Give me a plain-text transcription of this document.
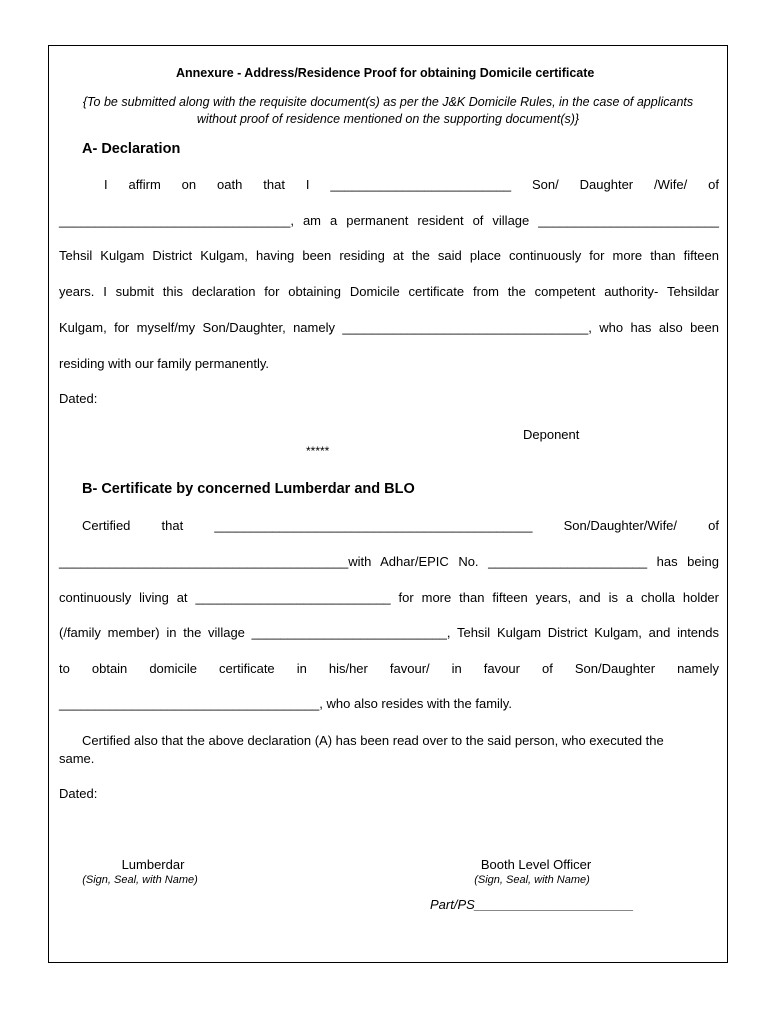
Annexure - Address/Residence Proof for obtaining Domicile certificate
{To be submitted along with the requisite document(s) as per the J&K Domicile Rules, in the case of applicants
without proof of residence mentioned on the supporting document(s)}
A- Declaration
I affirm on oath that I _________________________ Son/ Daughter /Wife/ of
________________________________, am a permanent resident of village _________________________
Tehsil Kulgam District Kulgam, having been residing at the said place continuously for more than fifteen
years. I submit this declaration for obtaining Domicile certificate from the competent authority- Tehsildar
Kulgam, for myself/my Son/Daughter, namely __________________________________, who has also been
residing with our family permanently.
Dated:
Deponent
*****
B- Certificate by concerned Lumberdar and BLO
Certified that ____________________________________________ Son/Daughter/Wife/ of
________________________________________with Adhar/EPIC No. ______________________ has being
continuously living at ___________________________ for more than fifteen years, and is a cholla holder
(/family member) in the village ___________________________, Tehsil Kulgam District Kulgam, and intends
to obtain domicile certificate in his/her favour/ in favour of Son/Daughter namely
____________________________________, who also resides with the family.
Certified also that the above declaration (A) has been read over to the said person, who executed the
same.
Dated:
Lumberdar
(Sign, Seal, with Name)
Booth Level Officer
(Sign, Seal, with Name)
Part/PS______________________
